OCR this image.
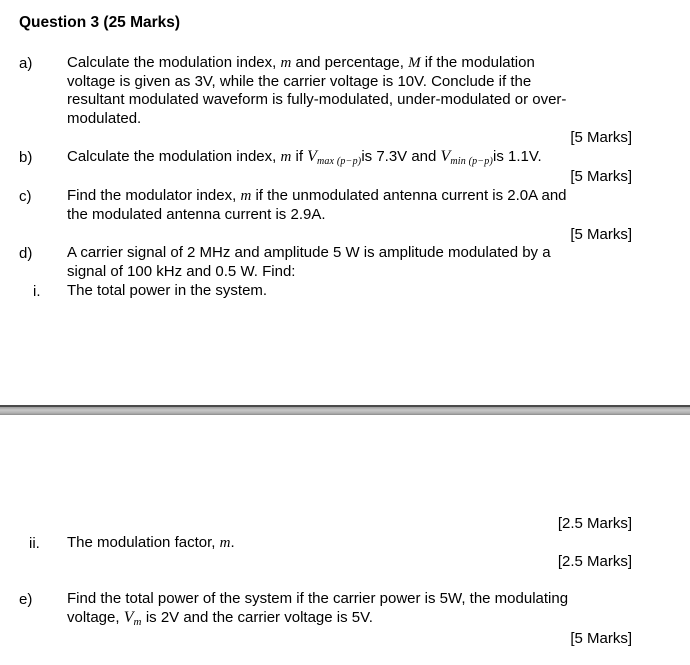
Question 3 (25 Marks)
a) Calculate the modulation index, m and percentage, M if the modulation
voltage is given as 3V, while the carrier voltage is 10V. Conclude if the
resultant modulated waveform is fully-modulated, under-modulated or over-
modulated.
[5 Marks]
b) Calculate the modulation index, m if $V_{max (p-p)}is$ 7.3V and $V_{min (p-p)}is$ 1.1V.
[5 Marks]
c) Find the modulator index, m if the unmodulated antenna current is 2.0A and
the modulated antenna current is 2.9A.
[5 Marks]
d) A carrier signal of 2 MHz and amplitude 5 W is amplitude modulated by a
signal of 100 kHz and 0.5 W. Find:
i. The total power in the system.
[2.5 Marks]
ii. The modulation factor, m.
[2.5 Marks]
e) Find the total power of the system if the carrier power is 5W, the modulating
voltage, $V_m$ is 2V and the carrier voltage is 5V.
[5 Marks]
